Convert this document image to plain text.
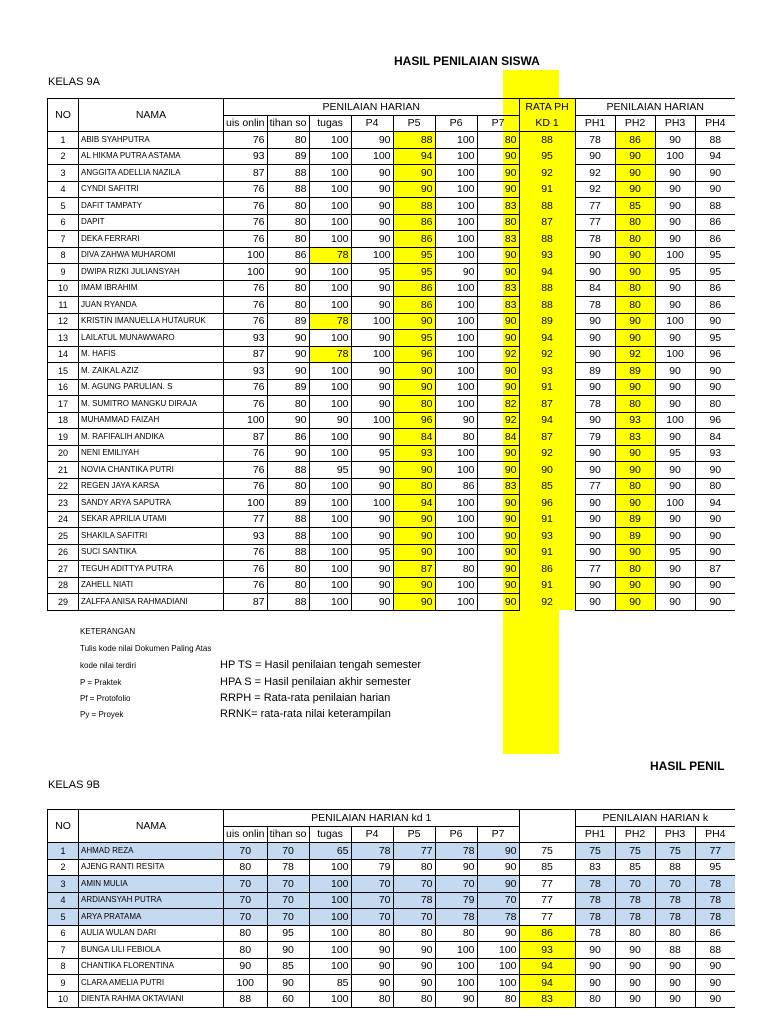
HASIL PENILAIAN SISWA
KELAS 9A
NO	NAMA	PENILAIAN HARIAN							RATA PH	PENILAIAN HARIAN			
		uis onlin	tihan so	tugas	P4	P5	P6	P7	KD 1	PH1	PH2	PH3	PH4
1	ABIB SYAHPUTRA	76	80	100	90	88	100	80	88	78	86	90	88
2	AL HIKMA PUTRA ASTAMA	93	89	100	100	94	100	90	95	90	90	100	94
3	ANGGITA ADELLIA NAZILA	87	88	100	90	90	100	90	92	92	90	90	90
4	CYNDI SAFITRI	76	88	100	90	90	100	90	91	92	90	90	90
5	DAFIT TAMPATY	76	80	100	90	88	100	83	88	77	85	90	88
6	DAPIT	76	80	100	90	86	100	80	87	77	80	90	86
7	DEKA FERRARI	76	80	100	90	86	100	83	88	78	80	90	86
8	DIVA ZAHWA MUHAROMI	100	86	78	100	95	100	90	93	90	90	100	95
9	DWIPA RIZKI JULIANSYAH	100	90	100	95	95	90	90	94	90	90	95	95
10	IMAM IBRAHIM	76	80	100	90	86	100	83	88	84	80	90	86
11	JUAN RYANDA	76	80	100	90	86	100	83	88	78	80	90	86
12	KRISTIN IMANUELLA HUTAURUK	76	89	78	100	90	100	90	89	90	90	100	90
13	LAILATUL MUNAWWARO	93	90	100	90	95	100	90	94	90	90	90	95
14	M. HAFIS	87	90	78	100	96	100	92	92	90	92	100	96
15	M. ZAIKAL AZIZ	93	90	100	90	90	100	90	93	89	89	90	90
16	M. AGUNG PARULIAN. S	76	89	100	90	90	100	90	91	90	90	90	90
17	M. SUMITRO MANGKU DIRAJA	76	80	100	90	80	100	82	87	78	80	90	80
18	MUHAMMAD FAIZAH	100	90	90	100	96	90	92	94	90	93	100	96
19	M. RAFIFALIH ANDIKA	87	86	100	90	84	80	84	87	79	83	90	84
20	NENI EMILIYAH	76	90	100	95	93	100	90	92	90	90	95	93
21	NOVIA CHANTIKA PUTRI	76	88	95	90	90	100	90	90	90	90	90	90
22	REGEN JAYA KARSA	76	80	100	90	80	86	83	85	77	80	90	80
23	SANDY ARYA SAPUTRA	100	89	100	100	94	100	90	96	90	90	100	94
24	SEKAR APRILIA UTAMI	77	88	100	90	90	100	90	91	90	89	90	90
25	SHAKILA SAFITRI	93	88	100	90	90	100	90	93	90	89	90	90
26	SUCI SANTIKA	76	88	100	95	90	100	90	91	90	90	95	90
27	TEGUH ADITTYA PUTRA	76	80	100	90	87	80	90	86	77	80	90	87
28	ZAHELL NIATI	76	80	100	90	90	100	90	91	90	90	90	90
29	ZALFFA ANISA RAHMADIANI	87	88	100	90	90	100	90	92	90	90	90	90
KETERANGAN
Tulis kode nilai Dokumen Paling Atas
kode nilai terdiri
P = Praktek
Pf = Protofolio
Py = Proyek
HP TS = Hasil penilaian tengah semester
HPA S = Hasil penilaian akhir semester
RRPH = Rata-rata penilaian harian
RRNK= rata-rata nilai keterampilan
HASIL PENIL
KELAS 9B
NO	NAMA	PENILAIAN HARIAN kd 1								PENILAIAN HARIAN k			
		uis onlin	tihan so	tugas	P4	P5	P6	P7		PH1	PH2	PH3	PH4
1	AHMAD REZA	70	70	65	78	77	78	90	75	75	75	75	77
2	AJENG RANTI RESITA	80	78	100	79	80	90	90	85	83	85	88	95
3	AMIN MULIA	70	70	100	70	70	70	90	77	78	70	70	78
4	ARDIANSYAH PUTRA	70	70	100	70	78	79	70	77	78	78	78	78
5	ARYA PRATAMA	70	70	100	70	70	78	78	77	78	78	78	78
6	AULIA WULAN DARI	80	95	100	80	80	80	90	86	78	80	80	86
7	BUNGA LILI FEBIOLA	80	90	100	90	90	100	100	93	90	90	88	88
8	CHANTIKA FLORENTINA	90	85	100	90	90	100	100	94	90	90	90	90
9	CLARA AMELIA PUTRI	100	90	85	90	90	100	100	94	90	90	90	90
10	DIENTA RAHMA OKTAVIANI	88	60	100	80	80	90	80	83	80	90	90	90
